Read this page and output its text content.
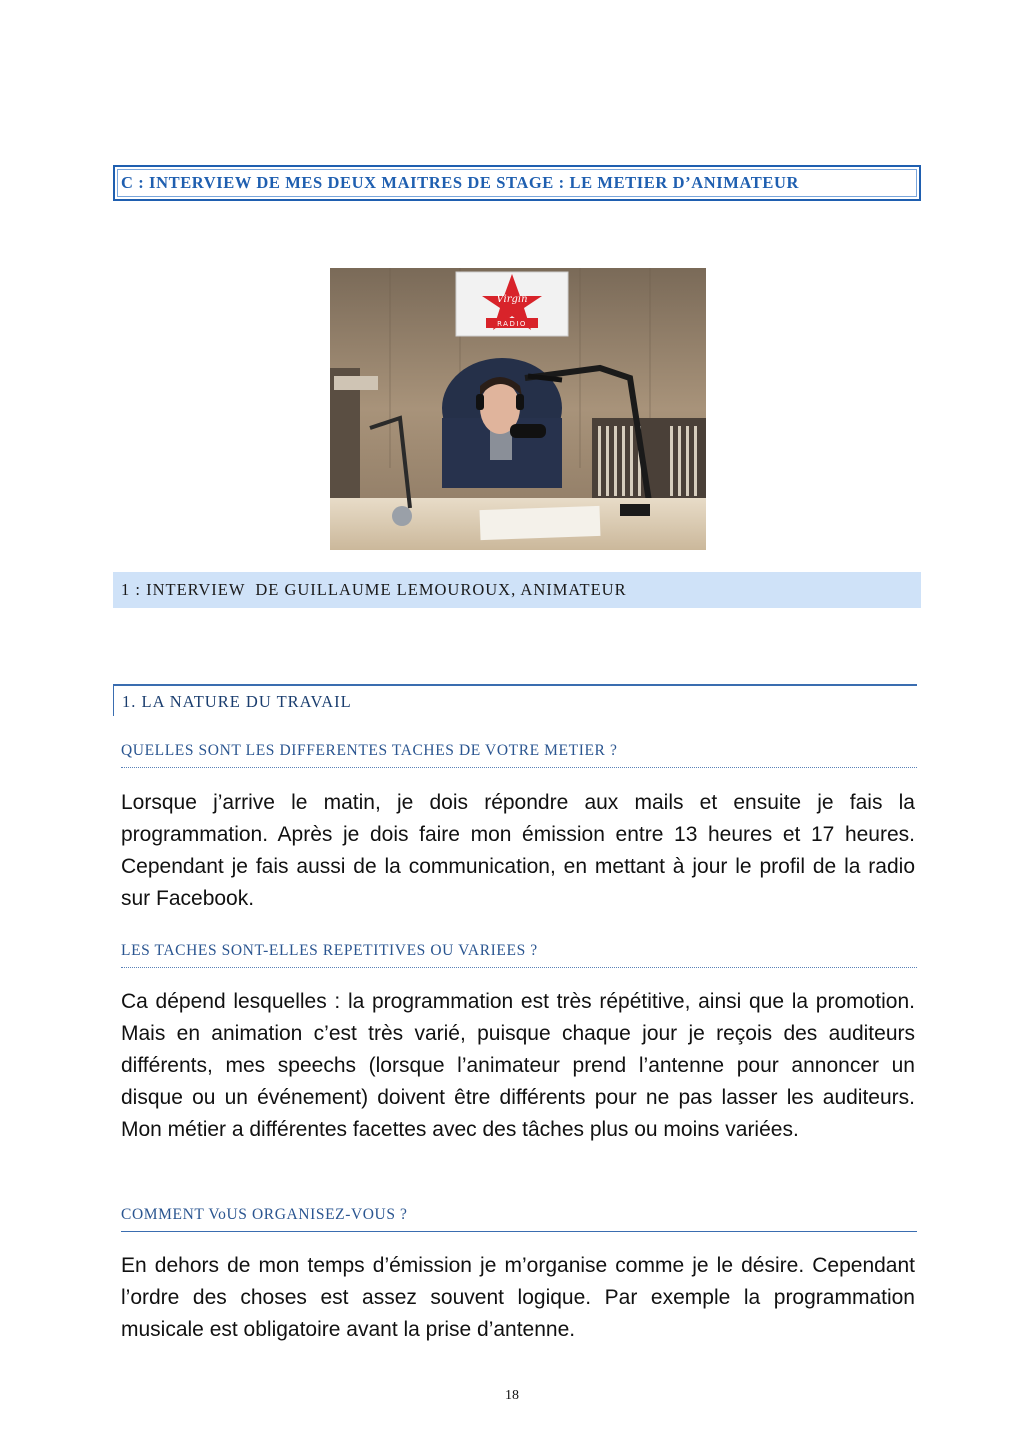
C : INTERVIEW DE MES DEUX MAITRES DE STAGE : LE METIER D’ANIMATEUR
Virgin
RADIO
1 : INTERVIEW  DE GUILLAUME LEMOUROUX, ANIMATEUR
1. LA NATURE DU TRAVAIL
QUELLES SONT LES DIFFERENTES TACHES DE VOTRE METIER ?
Lorsque j’arrive le matin, je dois répondre aux mails et ensuite je fais la programmation. Après je dois faire mon émission entre 13 heures et 17 heures. Cependant je fais aussi de la communication, en mettant à jour le profil de la radio sur Facebook.
LES TACHES SONT-ELLES REPETITIVES OU VARIEES ?
Ca dépend lesquelles : la programmation est très répétitive, ainsi que la promotion. Mais en animation c’est très varié, puisque chaque jour je reçois des auditeurs différents, mes speechs (lorsque l’animateur prend l’antenne pour annoncer un disque ou un événement) doivent être différents pour ne pas lasser les auditeurs. Mon métier a différentes facettes avec des tâches plus ou moins variées.
COMMENT VoUS ORGANISEZ-VOUS ?
En dehors de mon temps d’émission je m’organise comme je le désire. Cependant l’ordre des choses est assez souvent logique. Par exemple la programmation musicale est obligatoire avant la prise d’antenne.
18
